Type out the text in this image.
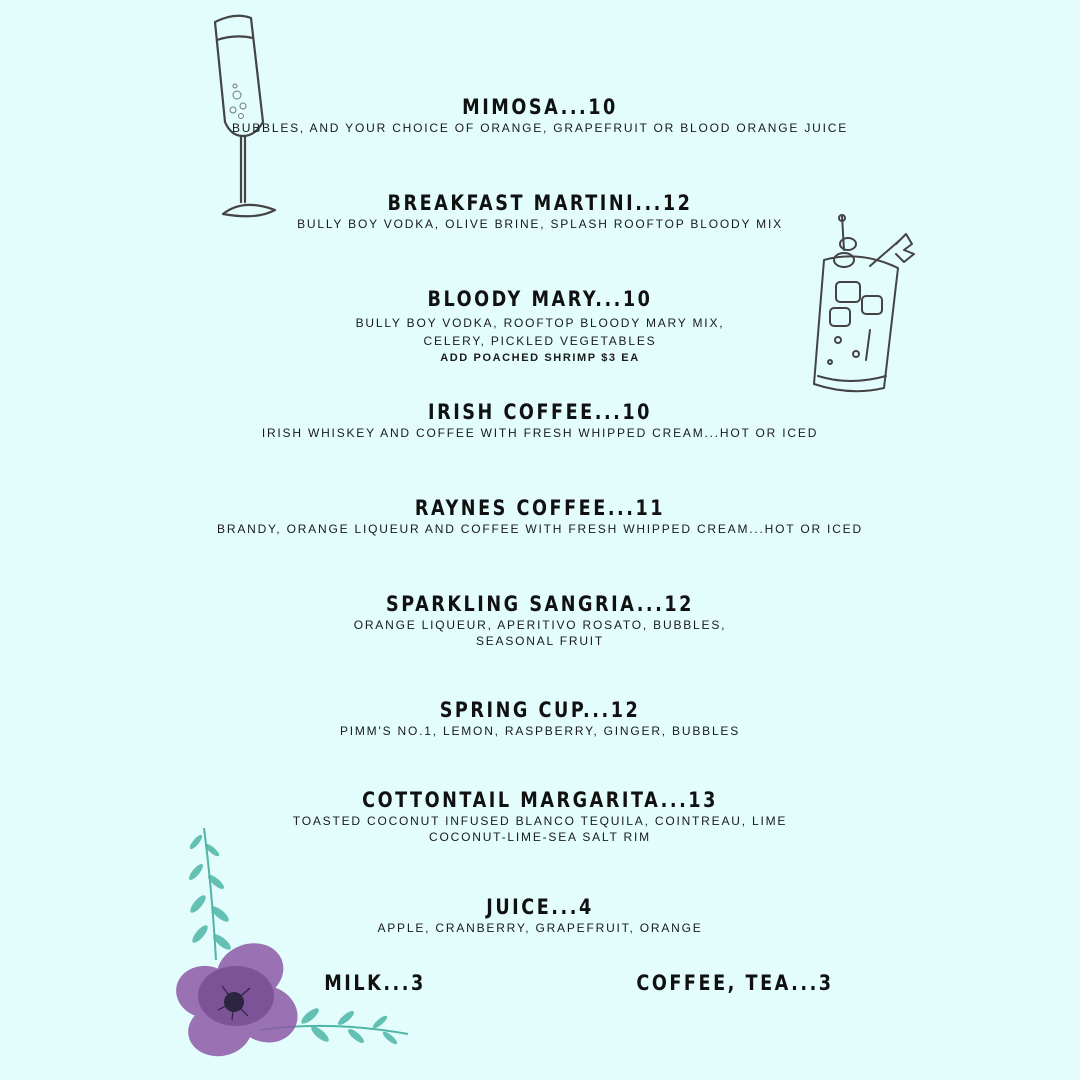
MIMOSA...10
BUBBLES, AND YOUR CHOICE OF ORANGE, GRAPEFRUIT OR BLOOD ORANGE JUICE
BREAKFAST MARTINI...12
BULLY BOY VODKA, OLIVE BRINE, SPLASH ROOFTOP BLOODY MIX
BLOODY MARY...10
BULLY BOY VODKA, ROOFTOP BLOODY MARY MIX,
CELERY, PICKLED VEGETABLES
ADD POACHED SHRIMP $3 EA
IRISH COFFEE...10
IRISH WHISKEY AND COFFEE WITH FRESH WHIPPED CREAM...HOT OR ICED
RAYNES COFFEE...11
BRANDY, ORANGE LIQUEUR AND COFFEE WITH FRESH WHIPPED CREAM...HOT OR ICED
SPARKLING SANGRIA...12
ORANGE LIQUEUR, APERITIVO ROSATO, BUBBLES,
SEASONAL FRUIT
SPRING CUP...12
PIMM'S NO.1, LEMON, RASPBERRY, GINGER, BUBBLES
COTTONTAIL MARGARITA...13
TOASTED COCONUT INFUSED BLANCO TEQUILA, COINTREAU, LIME
COCONUT-LIME-SEA SALT RIM
JUICE...4
APPLE, CRANBERRY, GRAPEFRUIT, ORANGE
MILK...3	COFFEE, TEA...3
